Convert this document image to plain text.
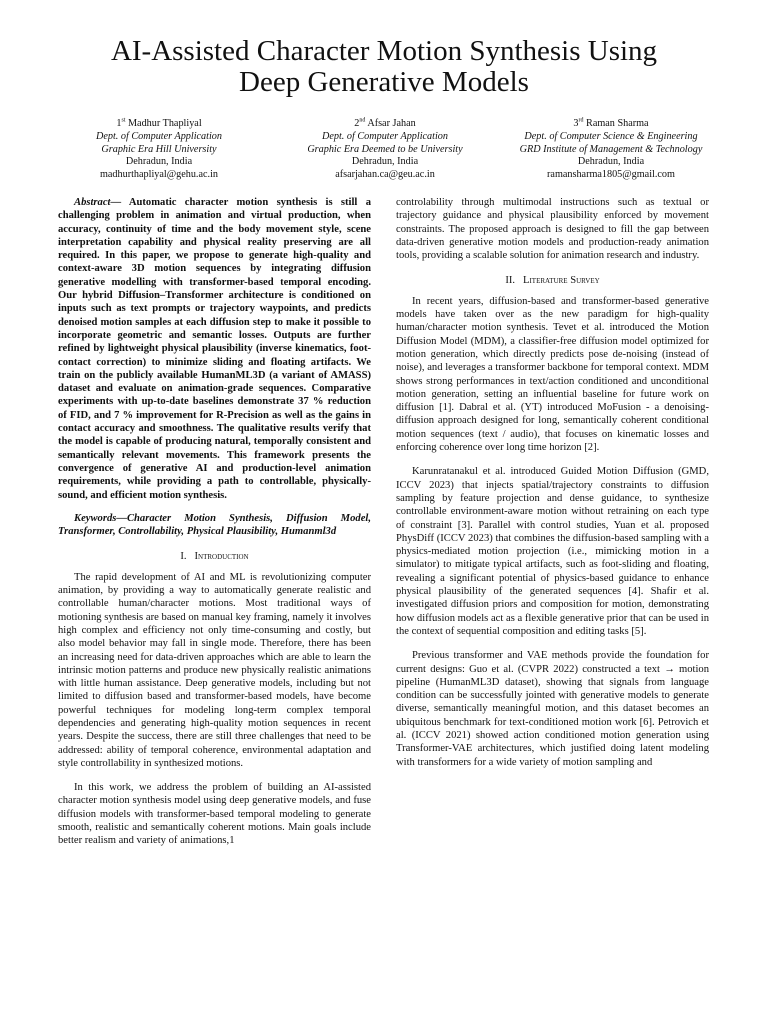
AI-Assisted Character Motion Synthesis Using
Deep Generative Models
1st Madhur Thapliyal
Dept. of Computer Application
Graphic Era Hill University
Dehradun, India
madhurthapliyal@gehu.ac.in
2nd Afsar Jahan
Dept. of Computer Application
Graphic Era Deemed to be University
Dehradun, India
afsarjahan.ca@geu.ac.in
3rd Raman Sharma
Dept. of Computer Science & Engineering
GRD Institute of Management & Technology
Dehradun, India
ramansharma1805@gmail.com

Abstract— Automatic character motion synthesis is still a challenging problem in animation and virtual production, when accuracy, continuity of time and the body movement style, scene interpretation capability and physical reality preserving are all required. In this paper, we propose to generate high-quality and context-aware 3D motion sequences by integrating diffusion generative modelling with transformer-based temporal encoding. Our hybrid Diffusion–Transformer architecture is conditioned on inputs such as text prompts or trajectory waypoints, and predicts denoised motion samples at each diffusion step to make it possible to incorporate geometric and semantic losses. Outputs are further refined by lightweight physical plausibility (inverse kinematics, foot-contact correction) to minimize sliding and floating artifacts. We train on the publicly available HumanML3D (a variant of AMASS) dataset and evaluate on animation-grade sequences. Comparative experiments with up-to-date baselines demonstrate 37 % reduction of FID, and 7 % improvement for R-Precision as well as the gains in contact accuracy and smoothness. The qualitative results verify that the model is capable of producing natural, temporally consistent and semantically relevant movements. This framework presents the convergence of generative AI and production-level animation requirements, while providing a path to controllable, physically-sound, and efficient motion synthesis.

Keywords—Character Motion Synthesis, Diffusion Model, Transformer, Controllability, Physical Plausibility, Humanml3d

I. Introduction

The rapid development of AI and ML is revolutionizing computer animation, by providing a way to automatically generate realistic and controllable human/character motions. Most traditional ways of motioning synthesis are based on manual key framing, namely it involves high complex and efficiency not only time-consuming and costly, but also model behavior may fall in single mode. Therefore, there has been an increasing need for data-driven approaches which are able to learn the intrinsic motion patterns and produce new physically realistic animations with little human assistance. Deep generative models, including but not limited to diffusion based and transformer-based models, have become powerful techniques for modeling long-term complex temporal dependencies and generating high-quality motion sequences in recent years. Despite the success, there are still three challenges that need to be addressed: ability of temporal coherence, environmental adaptation and style controllability in synthesized motions.

In this work, we address the problem of building an AI-assisted character motion synthesis model using deep generative models, and fuse diffusion models with transformer-based temporal modeling to generate smooth, realistic and semantically coherent motions. Main goals include better realism and variety of animations,1

controlability through multimodal instructions such as textual or trajectory guidance and physical plausibility enforced by movement constraints. The proposed approach is designed to fill the gap between data-driven generative motion models and production-ready animation tools, providing a scalable solution for animation research and industry.

II. Literature Survey

In recent years, diffusion-based and transformer-based generative models have taken over as the new paradigm for high-quality human/character motion synthesis. Tevet et al. introduced the Motion Diffusion Model (MDM), a classifier-free diffusion model optimized for motion generation, which directly predicts pose de-noising (instead of noise), and leverages a transformer backbone for temporal context. MDM shows strong performances in text/action conditioned and unconditional motion generation, setting an influential baseline for future work on diffusion [1]. Dabral et al. (YT) introduced MoFusion - a denoising-diffusion approach designed for long, semantically coherent conditional motion sequences (text / audio), that focuses on kinematic losses and enforcing coherence over long time horizon [2].

Karunratanakul et al. introduced Guided Motion Diffusion (GMD, ICCV 2023) that injects spatial/trajectory constraints to diffusion sampling by feature projection and dense guidance, to synthesize controllable environment-aware motion without retraining on each type of constraint [3]. Parallel with control studies, Yuan et al. proposed PhysDiff (ICCV 2023) that combines the diffusion-based sampling with a physics-mediated motion projection (i.e., mimicking motion in a simulator) to mitigate typical artifacts, such as foot-sliding and floating, revealing a significant potential of physics-based guidance to enhance physical plausibility of the generated sequences [4]. Shafir et al. investigated diffusion priors and composition for motion, demonstrating how diffusion models act as a flexible generative prior that can be used in the context of sequential composition and editing tasks [5].

Previous transformer and VAE methods provide the foundation for current designs: Guo et al. (CVPR 2022) constructed a text → motion pipeline (HumanML3D dataset), showing that signals from language condition can be successfully jointed with generative models to generate diverse, semantically meaningful motion, and this dataset becomes an ubiquitous benchmark for text-conditioned motion work [6]. Petrovich et al. (ICCV 2021) showed action conditioned motion generation using Transformer-VAE architectures, which justified doing latent modeling with transformers for a wide variety of motion sampling and
